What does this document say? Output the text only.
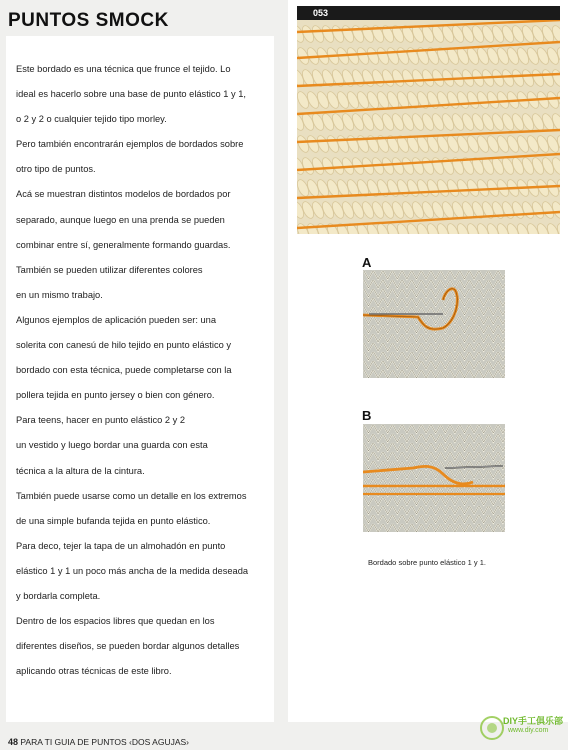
PUNTOS SMOCK
Este bordado es una técnica que frunce el tejido. Lo
ideal es hacerlo sobre una base de punto elástico 1 y 1,
o 2 y 2 o cualquier tejido tipo morley.
Pero también encontrarán ejemplos de bordados sobre
otro tipo de puntos.
Acá se muestran distintos modelos de bordados por
separado, aunque luego en una prenda se pueden
combinar entre sí, generalmente formando guardas.
También se pueden utilizar diferentes colores
en un mismo trabajo.
Algunos ejemplos de aplicación pueden ser: una
solerita con canesú de hilo tejido en punto elástico y
bordado con esta técnica, puede completarse con la
pollera tejida en punto jersey o bien con género.
Para teens, hacer en punto elástico 2 y 2
un vestido y luego bordar una guarda con esta
técnica a la altura de la cintura.
También puede usarse como un detalle en los extremos
de una simple bufanda tejida en punto elástico.
Para deco, tejer la tapa de un almohadón en punto
elástico 1 y 1 un poco más ancha de la medida deseada
y bordarla completa.
Dentro de los espacios libres que quedan en los
diferentes diseños, se pueden bordar algunos detalles
aplicando otras técnicas de este libro.
053
A
B
Bordado sobre punto elástico 1 y 1.
48 PARA TI GUIA DE PUNTOS ‹DOS AGUJAS›
DIY手工俱乐部
www.diy.com
